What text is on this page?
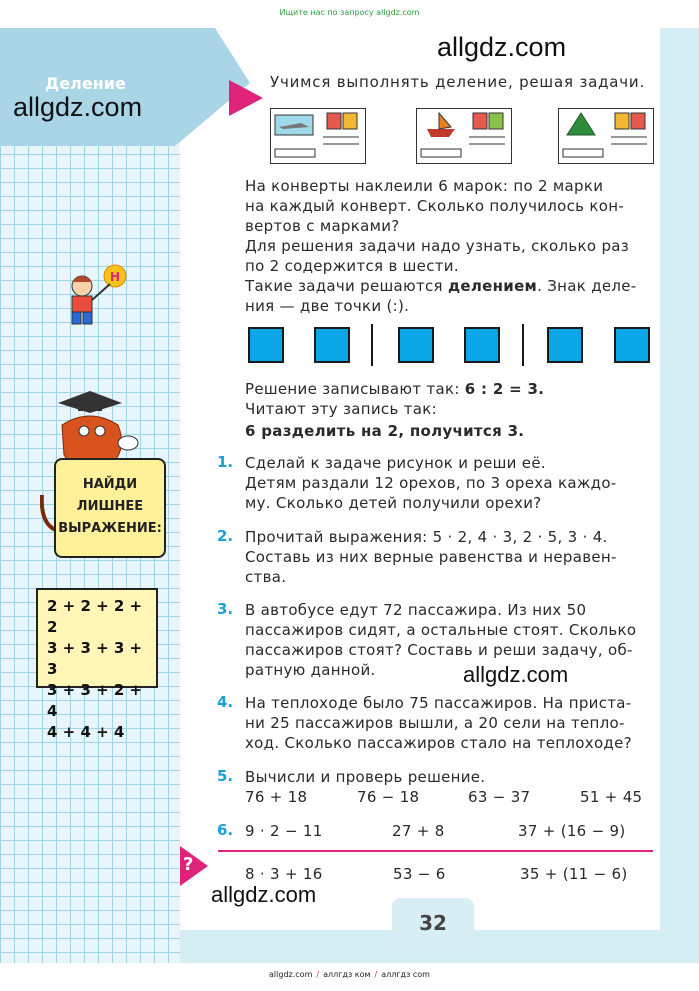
Ищите нас по запросу allgdz.com
Деление
allgdz.com
allgdz.com
allgdz.com
allgdz.com
Учимся выполнять деление, решая задачи.
На конверты наклеили 6 марок: по 2 марки
на каждый конверт. Сколько получилось кон-
вертов с марками?
Для решения задачи надо узнать, сколько раз
по 2 содержится в шести.
Такие задачи решаются делением. Знак деле-
ния — две точки (:).
Решение записывают так: 6 : 2 = 3.
Читают эту запись так:
6 разделить на 2, получится 3.
1. Сделай к задаче рисунок и реши её.
Детям раздали 12 орехов, по 3 ореха каждо-
му. Сколько детей получили орехи?
2. Прочитай выражения: 5 · 2, 4 · 3, 2 · 5, 3 · 4.
Составь из них верные равенства и неравен-
ства.
3. В автобусе едут 72 пассажира. Из них 50
пассажиров сидят, а остальные стоят. Сколько
пассажиров стоят? Составь и реши задачу, об-
ратную данной.
4. На теплоходе было 75 пассажиров. На приста-
ни 25 пассажиров вышли, а 20 сели на тепло-
ход. Сколько пассажиров стало на теплоходе?
5. Вычисли и проверь решение.
76 + 18	76 − 18	63 − 37	51 + 45
6. 9 · 2 − 11	27 + 8	37 + (16 − 9)
?	8 · 3 + 16	53 − 6	35 + (11 − 6)
Н
НАЙДИ
ЛИШНЕЕ
ВЫРАЖЕНИЕ:
2 + 2 + 2 + 2
3 + 3 + 3 + 3
3 + 3 + 2 + 4
4 + 4 + 4
32
allgdz.com / аллгдз ком / аллгдз com
